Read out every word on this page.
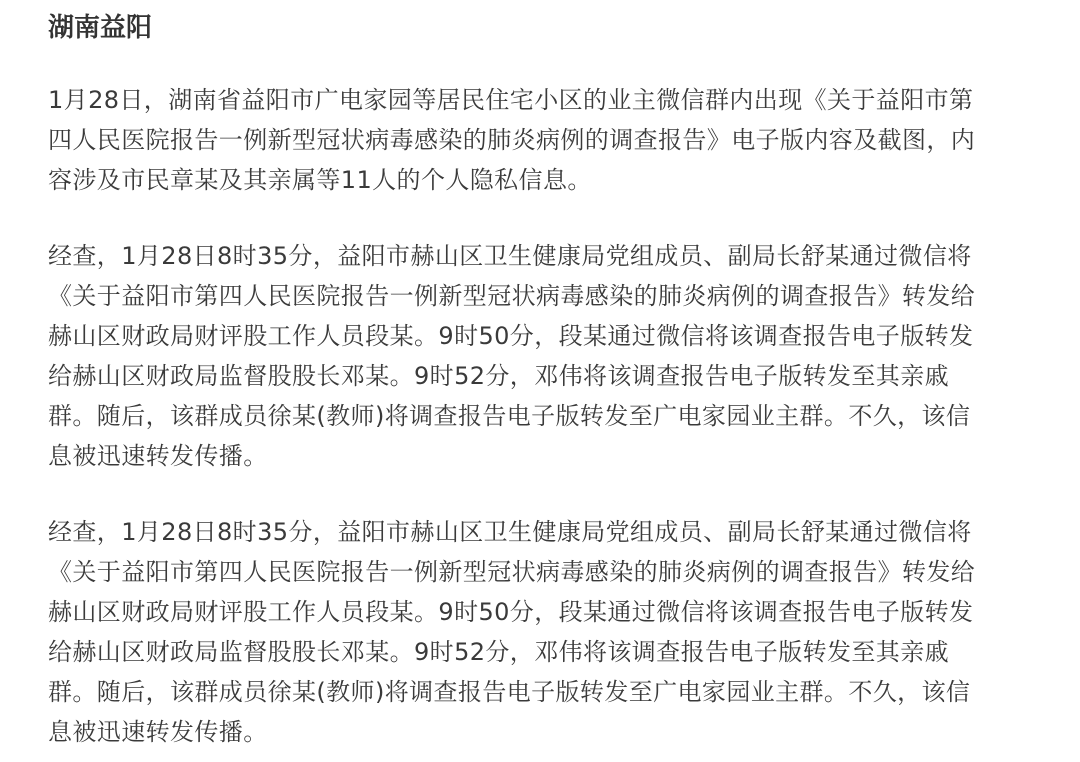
湖南益阳

1月28日，湖南省益阳市广电家园等居民住宅小区的业主微信群内出现《关于益阳市第
四人民医院报告一例新型冠状病毒感染的肺炎病例的调查报告》电子版内容及截图，内
容涉及市民章某及其亲属等11人的个人隐私信息。

经查，1月28日8时35分，益阳市赫山区卫生健康局党组成员、副局长舒某通过微信将
《关于益阳市第四人民医院报告一例新型冠状病毒感染的肺炎病例的调查报告》转发给
赫山区财政局财评股工作人员段某。9时50分，段某通过微信将该调查报告电子版转发
给赫山区财政局监督股股长邓某。9时52分，邓伟将该调查报告电子版转发至其亲戚
群。随后，该群成员徐某(教师)将调查报告电子版转发至广电家园业主群。不久，该信
息被迅速转发传播。

经查，1月28日8时35分，益阳市赫山区卫生健康局党组成员、副局长舒某通过微信将
《关于益阳市第四人民医院报告一例新型冠状病毒感染的肺炎病例的调查报告》转发给
赫山区财政局财评股工作人员段某。9时50分，段某通过微信将该调查报告电子版转发
给赫山区财政局监督股股长邓某。9时52分，邓伟将该调查报告电子版转发至其亲戚
群。随后，该群成员徐某(教师)将调查报告电子版转发至广电家园业主群。不久，该信
息被迅速转发传播。
